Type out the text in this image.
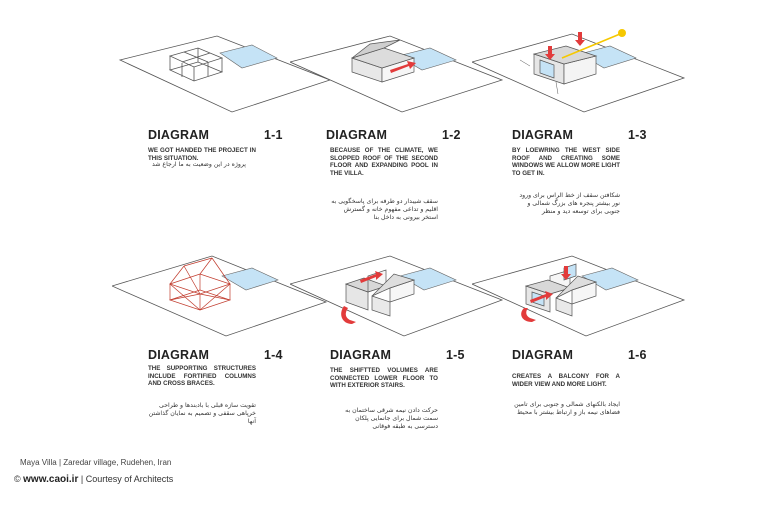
DIAGRAM	1-1
WE GOT HANDED THE PROJECT IN THIS SITUATION.
پروژه در این وضعیت به ما ارجاع شد
DIAGRAM	1-2
BECAUSE OF THE CLIMATE, WE SLOPPED ROOF OF THE SECOND FLOOR AND EXPANDING POOL IN THE VILLA.
سقف شیبدار دو طرفه برای پاسخگویی به اقلیم و تداعی مفهوم خانه و گسترش استخر بیرونی به داخل بنا
DIAGRAM	1-3
BY LOEWRING THE WEST SIDE ROOF AND CREATING SOME WINDOWS WE ALLOW MORE LIGHT TO GET IN.
شکافتن سقف از خط الراس برای ورود نور بیشتر پنجره های بزرگ شمالی و جنوبی برای توسعه دید و منظر
DIAGRAM	1-4
THE SUPPORTING STRUCTURES INCLUDE FORTIFIED COLUMNS AND CROSS BRACES.
تقویت سازه قبلی با بادبندها و طراحی خرپاهی سقفی و تصمیم به نمایان گذاشتن آنها
DIAGRAM	1-5
THE SHIFTTED VOLUMES ARE CONNECTED LOWER FLOOR TO WITH EXTERIOR STAIRS.
حرکت دادن نیمه شرقی ساختمان به سمت شمال برای جانمایی پلکان دسترسی به طبقه فوقانی
DIAGRAM	1-6
CREATES A BALCONY FOR A WIDER VIEW AND MORE LIGHT.
ایجاد بالکنهای شمالی و جنوبی برای تامین فضاهای نیمه باز و ارتباط بیشتر با محیط
Maya Villa | Zaredar village, Rudehen, Iran
© www.caoi.ir | Courtesy of Architects
